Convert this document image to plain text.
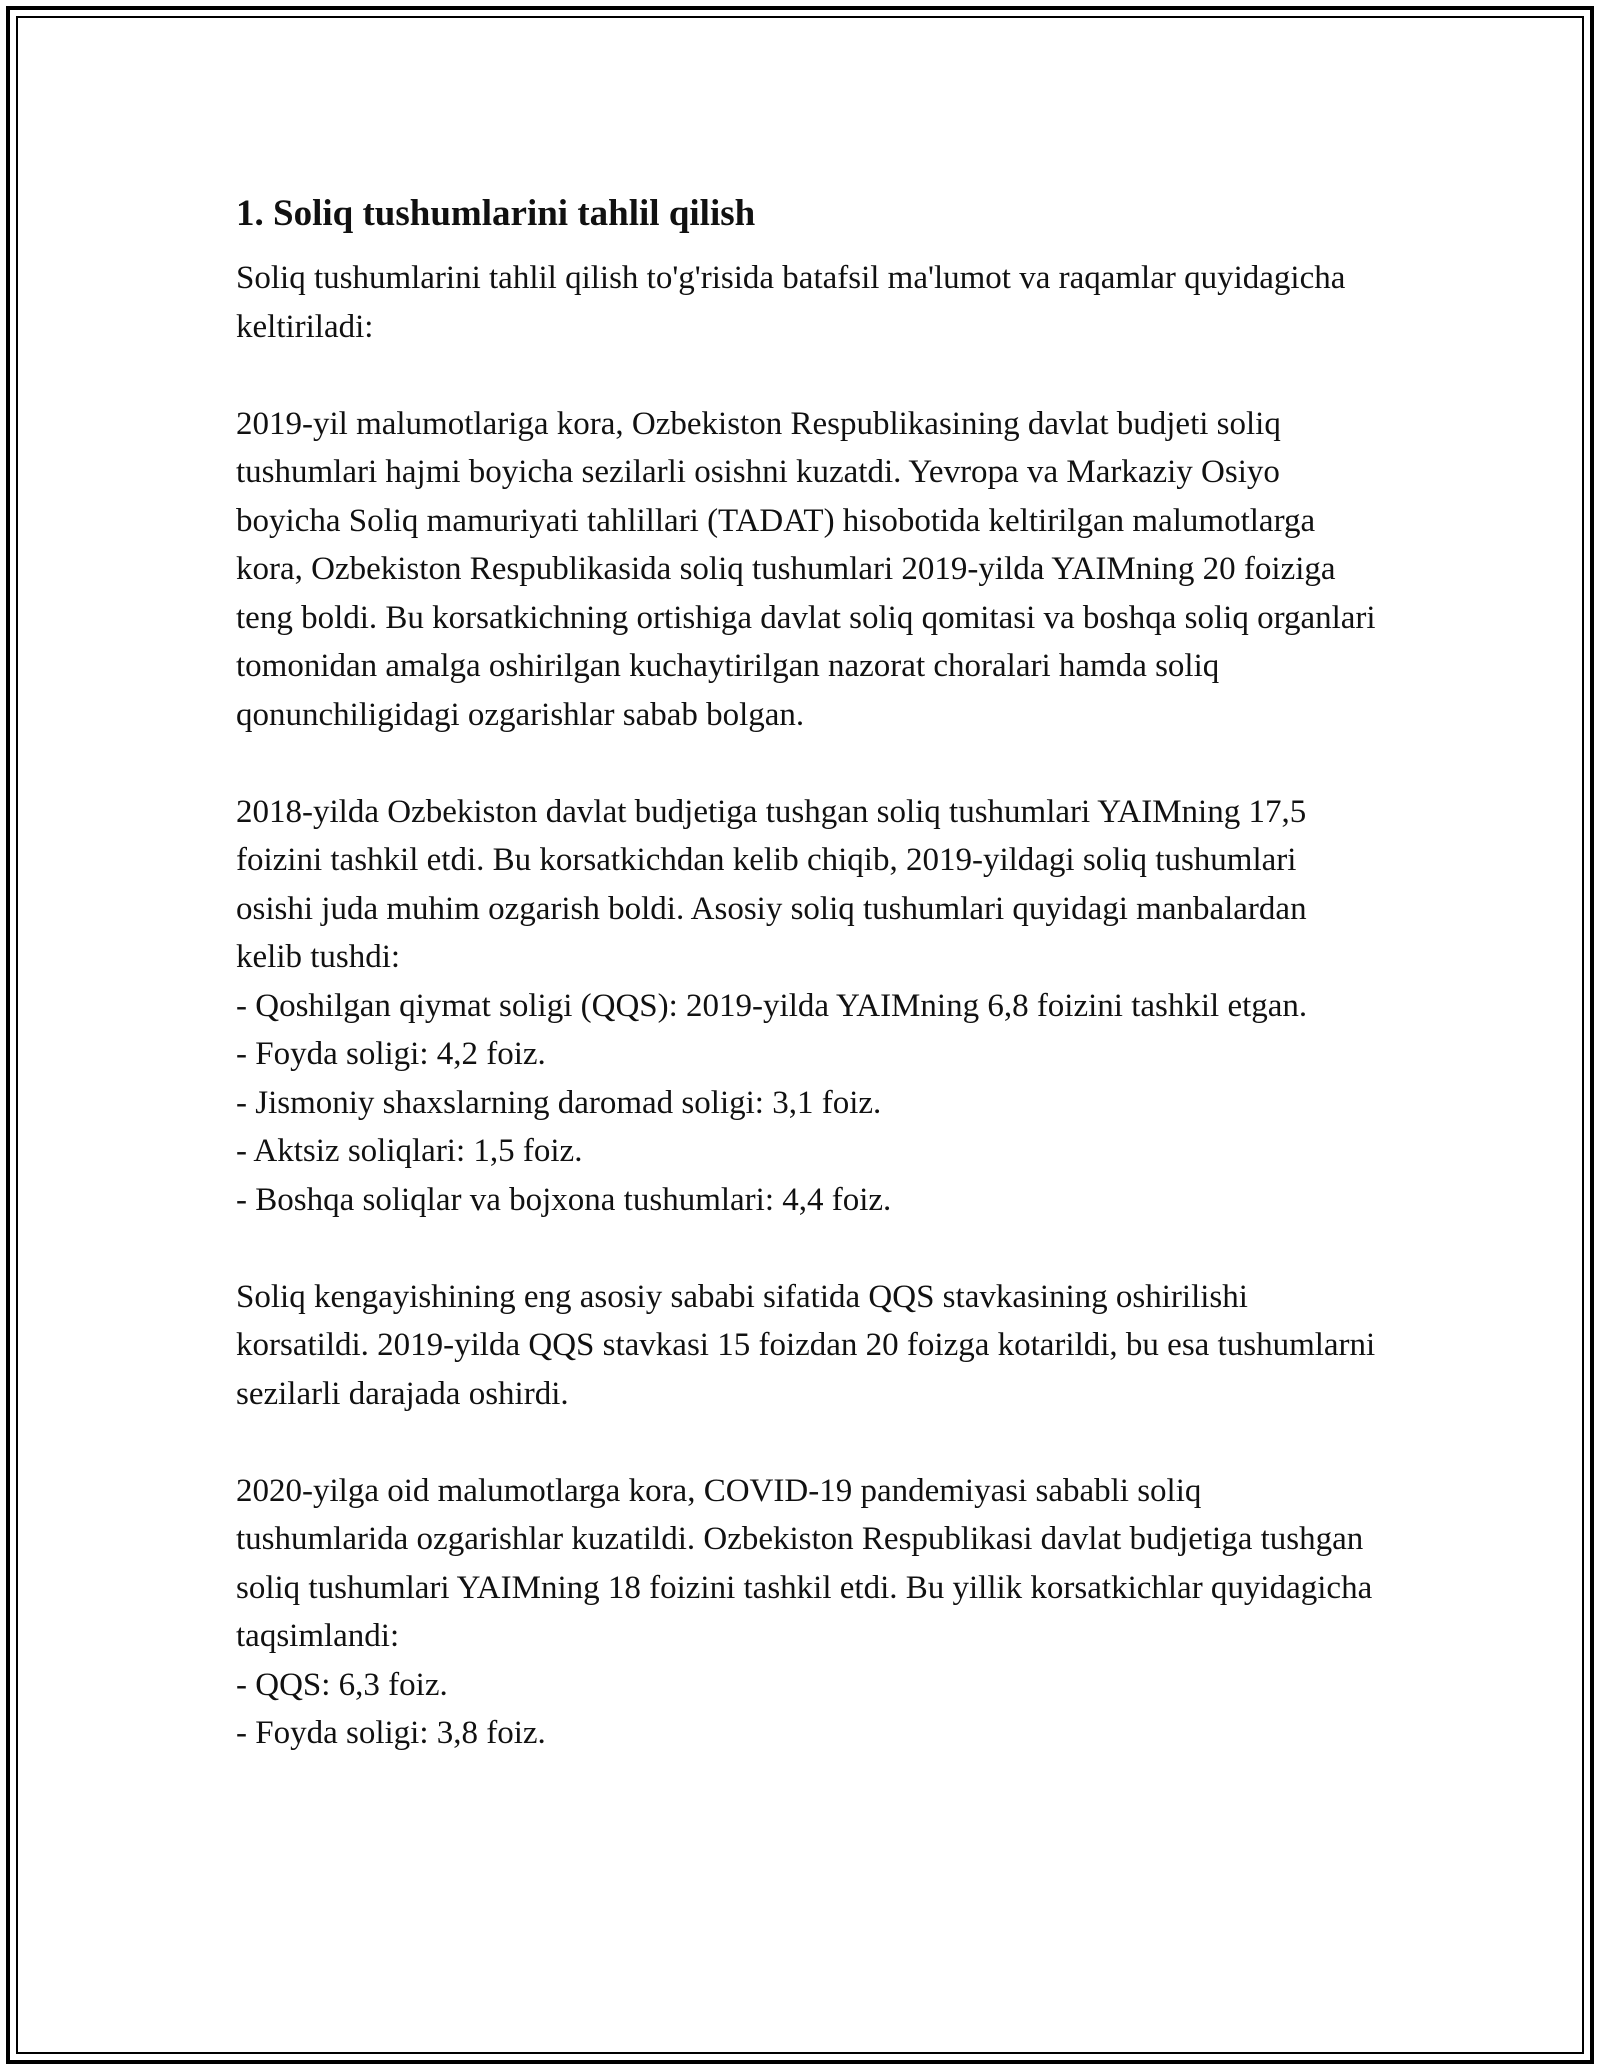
1. Soliq tushumlarini tahlil qilish

Soliq tushumlarini tahlil qilish to'g'risida batafsil ma'lumot va raqamlar quyidagicha keltiriladi:

2019-yil malumotlariga kora, Ozbekiston Respublikasining davlat budjeti soliq tushumlari hajmi boyicha sezilarli osishni kuzatdi. Yevropa va Markaziy Osiyo boyicha Soliq mamuriyati tahlillari (TADAT) hisobotida keltirilgan malumotlarga kora, Ozbekiston Respublikasida soliq tushumlari 2019-yilda YAIMning 20 foiziga teng boldi. Bu korsatkichning ortishiga davlat soliq qomitasi va boshqa soliq organlari tomonidan amalga oshirilgan kuchaytirilgan nazorat choralari hamda soliq qonunchiligidagi ozgarishlar sabab bolgan.

2018-yilda Ozbekiston davlat budjetiga tushgan soliq tushumlari YAIMning 17,5 foizini tashkil etdi. Bu korsatkichdan kelib chiqib, 2019-yildagi soliq tushumlari osishi juda muhim ozgarish boldi. Asosiy soliq tushumlari quyidagi manbalardan kelib tushdi:
- Qoshilgan qiymat soligi (QQS): 2019-yilda YAIMning 6,8 foizini tashkil etgan.
- Foyda soligi: 4,2 foiz.
- Jismoniy shaxslarning daromad soligi: 3,1 foiz.
- Aktsiz soliqlari: 1,5 foiz.
- Boshqa soliqlar va bojxona tushumlari: 4,4 foiz.

Soliq kengayishining eng asosiy sababi sifatida QQS stavkasining oshirilishi korsatildi. 2019-yilda QQS stavkasi 15 foizdan 20 foizga kotarildi, bu esa tushumlarni sezilarli darajada oshirdi.

2020-yilga oid malumotlarga kora, COVID-19 pandemiyasi sababli soliq tushumlarida ozgarishlar kuzatildi. Ozbekiston Respublikasi davlat budjetiga tushgan soliq tushumlari YAIMning 18 foizini tashkil etdi. Bu yillik korsatkichlar quyidagicha taqsimlandi:
- QQS: 6,3 foiz.
- Foyda soligi: 3,8 foiz.
